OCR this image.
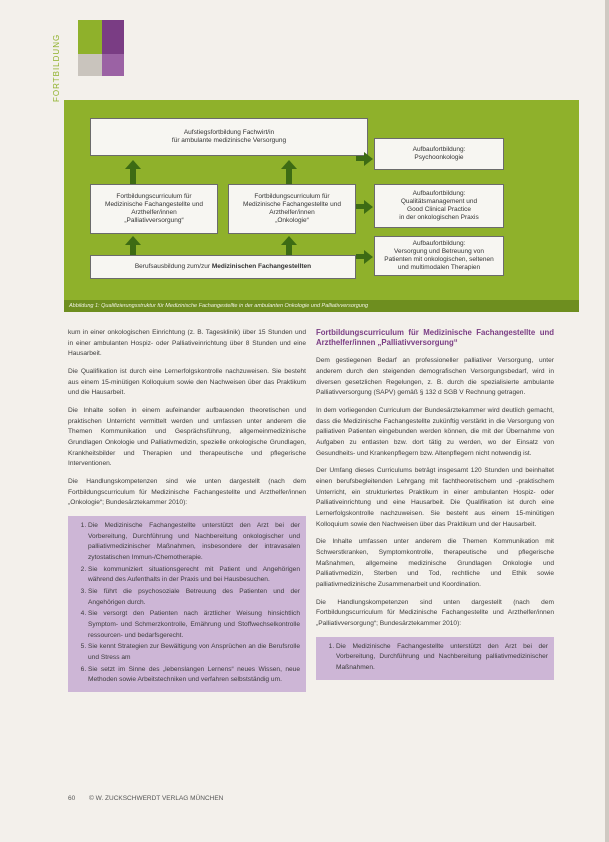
FORTBILDUNG
Aufstiegsfortbildung Fachwirt/in
für ambulante medizinische Versorgung
Fortbildungscurriculum für
Medizinische Fachangestellte und
Arzthelfer/innen
„Palliativversorgung“
Fortbildungscurriculum für
Medizinische Fachangestellte und
Arzthelfer/innen
„Onkologie“
Berufsausbildung zum/zur
Medizinischen Fachangestellten
Aufbaufortbildung:
Psychoonkologie
Aufbaufortbildung:
Qualitätsmanagement und
Good Clinical Practice
in der onkologischen Praxis
Aufbaufortbildung:
Versorgung und Betreuung von
Patienten mit onkologischen, seltenen
und multimodalen Therapien
Abbildung 1: Qualifizierungsstruktur für Medizinische Fachangestellte in der ambulanten Onkologie und Palliativversorgung

kum in einer onkologischen Einrichtung (z. B. Tagesklinik) über 15 Stunden und in einer ambulanten Hospiz- oder Palliativeinrichtung über 8 Stunden und eine Hausarbeit.

Die Qualifikation ist durch eine Lernerfolgskontrolle nachzuweisen. Sie besteht aus einem 15-minütigen Kolloquium sowie den Nachweisen über das Praktikum und die Hausarbeit.

Die Inhalte sollen in einem aufeinander aufbauenden theoretischen und praktischen Unterricht vermittelt werden und umfassen unter anderem die Themen Kommunikation und Gesprächsführung, allgemeinmedizinische Grundlagen Onkologie und Palliativmedizin, spezielle onkologische Grundlagen, Krankheitsbilder und Therapien und therapeutische und pflegerische Interventionen.

Die Handlungskompetenzen sind wie unten dargestellt (nach dem Fortbildungscurriculum für Medizinische Fachangestellte und Arzthelfer/innen „Onkologie“; Bundesärztekammer 2010):

1. Die Medizinische Fachangestellte unterstützt den Arzt bei der Vorbereitung, Durchführung und Nachbereitung onkologischer und palliativmedizinischer Maßnahmen, insbesondere der intravasalen zytostatischen Immun-/Chemotherapie.
2. Sie kommuniziert situationsgerecht mit Patient und Angehörigen während des Aufenthalts in der Praxis und bei Hausbesuchen.
3. Sie führt die psychosoziale Betreuung des Patienten und der Angehörigen durch.
4. Sie versorgt den Patienten nach ärztlicher Weisung hinsichtlich Symptom- und Schmerzkontrolle, Ernährung und Stoffwechselkontrolle ressourcen- und bedarfsgerecht.
5. Sie kennt Strategien zur Bewältigung von Ansprüchen an die Berufsrolle und Stress am
6. Sie setzt im Sinne des „lebenslangen Lernens“ neues Wissen, neue Methoden sowie Arbeitstechniken und verfahren selbstständig um.
Fortbildungscurriculum für Medizinische Fachangestellte und Arzthelfer/innen „Palliativversorgung“

Dem gestiegenen Bedarf an professioneller palliativer Versorgung, unter anderem durch den steigenden demografischen Versorgungsbedarf, wird in diversen gesetzlichen Regelungen, z. B. durch die spezialisierte ambulante Palliativversorgung (SAPV) gemäß § 132 d SGB V Rechnung getragen.

In dem vorliegenden Curriculum der Bundesärztekammer wird deutlich gemacht, dass die Medizinische Fachangestellte zukünftig verstärkt in die Versorgung von palliativen Patienten eingebunden werden können, die mit der Übernahme von Aufgaben zu entlasten bzw. dort tätig zu werden, wo der Einsatz von Gesundheits- und Krankenpflegern bzw. Altenpflegern nicht notwendig ist.

Der Umfang dieses Curriculums beträgt insgesamt 120 Stunden und beinhaltet einen berufsbegleitenden Lehrgang mit fachtheoretischem und -praktischem Unterricht, ein strukturiertes Praktikum in einer ambulanten Hospiz- oder Palliativeinrichtung und eine Hausarbeit. Die Qualifikation ist durch eine Lernerfolgskontrolle nachzuweisen. Sie besteht aus einem 15-minütigen Kolloquium sowie den Nachweisen über das Praktikum und der Hausarbeit.

Die Inhalte umfassen unter anderem die Themen Kommunikation mit Schwerstkranken, Symptomkontrolle, therapeutische und pflegerische Maßnahmen, allgemeine medizinische Grundlagen Onkologie und Palliativmedizin, Sterben und Tod, rechtliche und Ethik sowie palliativmedizinische Zusammenarbeit und Koordination.

Die Handlungskompetenzen sind unten dargestellt (nach dem Fortbildungscurriculum für Medizinische Fachangestellte und Arzthelfer/innen „Palliativversorgung“; Bundesärztekammer 2010):

1. Die Medizinische Fachangestellte unterstützt den Arzt bei der Vorbereitung, Durchführung und Nachbereitung palliativmedizinischer Maßnahmen.
60 © W. ZUCKSCHWERDT VERLAG MÜNCHEN
